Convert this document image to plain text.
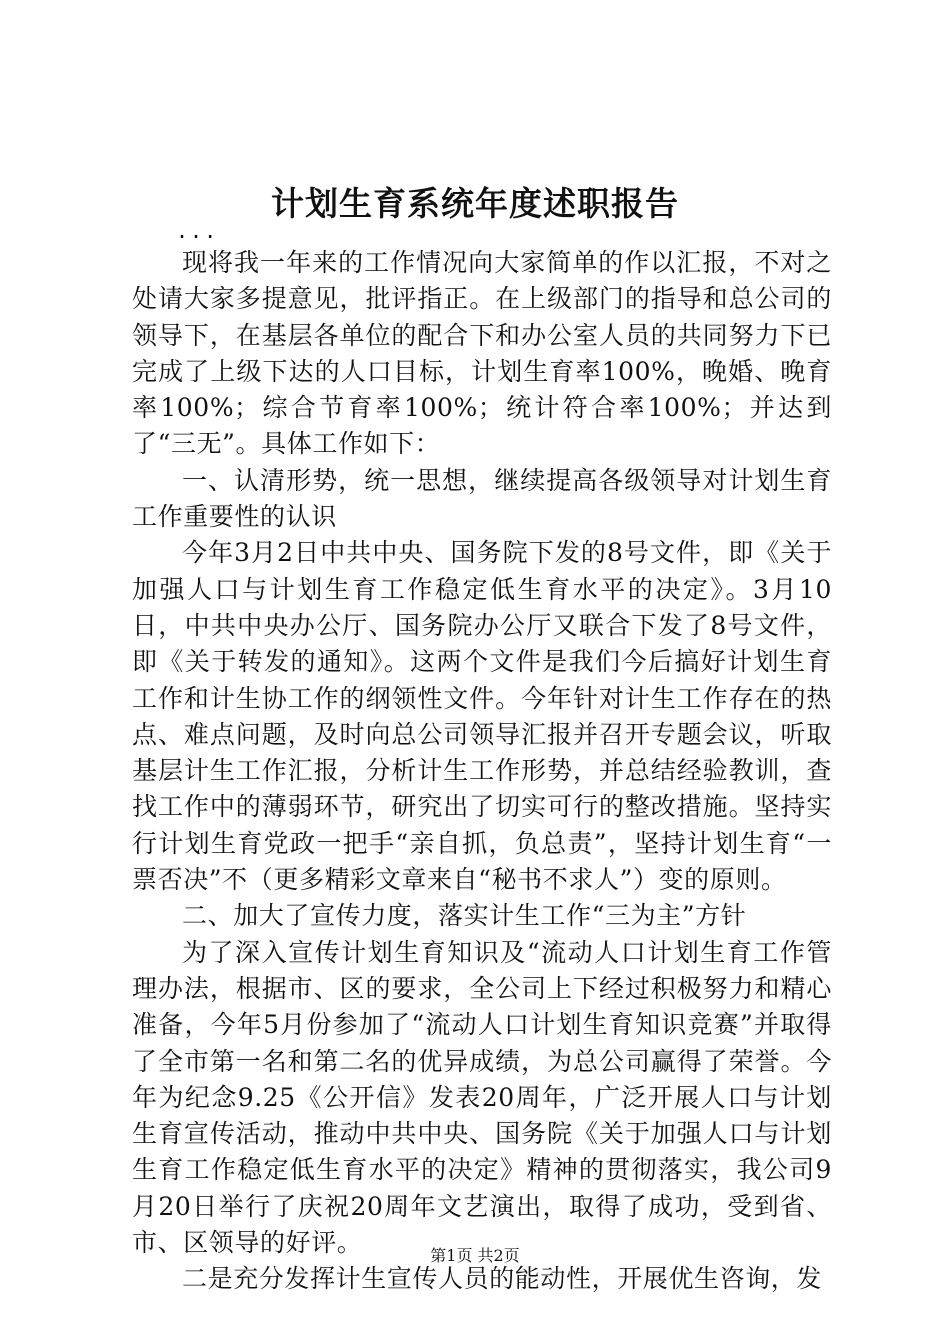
计划生育系统年度述职报告
...

现将我一年来的工作情况向大家简单的作以汇报，不对之处请大家多提意见，批评指正。在上级部门的指导和总公司的领导下，在基层各单位的配合下和办公室人员的共同努力下已完成了上级下达的人口目标，计划生育率100%，晚婚、晚育率100%；综合节育率100%；统计符合率100%；并达到了“三无”。具体工作如下：

一、认清形势，统一思想，继续提高各级领导对计划生育工作重要性的认识

今年3月2日中共中央、国务院下发的8号文件，即《关于加强人口与计划生育工作稳定低生育水平的决定》。3月10日，中共中央办公厅、国务院办公厅又联合下发了8号文件，即《关于转发的通知》。这两个文件是我们今后搞好计划生育工作和计生协工作的纲领性文件。今年针对计生工作存在的热点、难点问题，及时向总公司领导汇报并召开专题会议，听取基层计生工作汇报，分析计生工作形势，并总结经验教训，查找工作中的薄弱环节，研究出了切实可行的整改措施。坚持实行计划生育党政一把手“亲自抓，负总责”，坚持计划生育“一票否决”不（更多精彩文章来自“秘书不求人”）变的原则。

二、加大了宣传力度，落实计生工作“三为主”方针

为了深入宣传计划生育知识及“流动人口计划生育工作管理办法，根据市、区的要求，全公司上下经过积极努力和精心准备，今年5月份参加了“流动人口计划生育知识竞赛”并取得了全市第一名和第二名的优异成绩，为总公司赢得了荣誉。今年为纪念9.25《公开信》发表20周年，广泛开展人口与计划生育宣传活动，推动中共中央、国务院《关于加强人口与计划生育工作稳定低生育水平的决定》精神的贯彻落实，我公司9月20日举行了庆祝20周年文艺演出，取得了成功，受到省、市、区领导的好评。

二是充分发挥计生宣传人员的能动性，开展优生咨询，发

第1页 共2页
